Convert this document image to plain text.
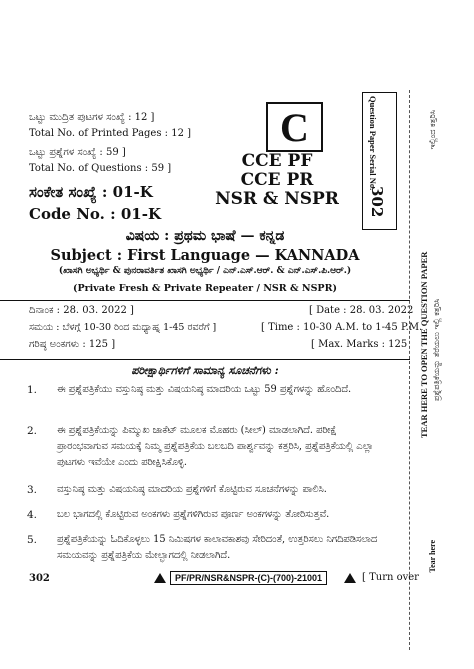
ಒಟ್ಟು ಮುದ್ರಿತ ಪುಟಗಳ ಸಂಖ್ಯೆ : 12 ]
Total No. of Printed Pages : 12 ]
ಒಟ್ಟು ಪ್ರಶ್ನೆಗಳ ಸಂಖ್ಯೆ : 59 ]
Total No. of Questions : 59 ]
ಸಂಕೇತ ಸಂಖ್ಯೆ : 01-K
Code No. : 01-K
C
CCE PF
CCE PR
NSR & NSPR
Question Paper Serial No.
302
ವಿಷಯ : ಪ್ರಥಮ ಭಾಷೆ — ಕನ್ನಡ
Subject : First Language — KANNADA
(ಖಾಸಗಿ ಅಭ್ಯರ್ಥಿ & ಪುನರಾವರ್ತಿತ ಖಾಸಗಿ ಅಭ್ಯರ್ಥಿ / ಎನ್.ಎಸ್.ಆರ್. & ಎನ್.ಎಸ್.ಪಿ.ಆರ್.)
(Private Fresh & Private Repeater / NSR & NSPR)
ದಿನಾಂಕ : 28. 03. 2022 ]	[ Date : 28. 03. 2022
ಸಮಯ : ಬೆಳಗ್ಗೆ 10-30 ರಿಂದ ಮಧ್ಯಾಹ್ನ 1-45 ರವರೆಗೆ ]	[ Time : 10-30 A.M. to 1-45 P.M.
ಗರಿಷ್ಠ ಅಂಕಗಳು : 125 ]	[ Max. Marks : 125
ಪರೀಕ್ಷಾರ್ಥಿಗಳಿಗೆ ಸಾಮಾನ್ಯ ಸೂಚನೆಗಳು :
1. ಈ ಪ್ರಶ್ನೆಪತ್ರಿಕೆಯು ವಸ್ತುನಿಷ್ಠ ಮತ್ತು ವಿಷಯನಿಷ್ಠ ಮಾದರಿಯ ಒಟ್ಟು 59 ಪ್ರಶ್ನೆಗಳನ್ನು ಹೊಂದಿದೆ.
2. ಈ ಪ್ರಶ್ನೆಪತ್ರಿಕೆಯನ್ನು ಪಿಮ್ಮುಖ ಜಾಕೆಟ್ ಮೂಲಕ ಮೊಹರು (ಸೀಲ್) ಮಾಡಲಾಗಿದೆ. ಪರೀಕ್ಷೆ ಪ್ರಾರಂಭವಾಗುವ ಸಮಯಕ್ಕೆ ನಿಮ್ಮ ಪ್ರಶ್ನೆಪತ್ರಿಕೆಯ ಬಲಬದಿ ಪಾರ್ಶ್ವವನ್ನು ಕತ್ತರಿಸಿ, ಪ್ರಶ್ನೆಪತ್ರಿಕೆಯಲ್ಲಿ ಎಲ್ಲಾ ಪುಟಗಳು ಇವೆಯೇ ಎಂದು ಪರೀಕ್ಷಿಸಿಕೊಳ್ಳಿ.
3. ವಸ್ತುನಿಷ್ಠ ಮತ್ತು ವಿಷಯನಿಷ್ಠ ಮಾದರಿಯ ಪ್ರಶ್ನೆಗಳಿಗೆ ಕೊಟ್ಟಿರುವ ಸೂಚನೆಗಳನ್ನು ಪಾಲಿಸಿ.
4. ಬಲ ಭಾಗದಲ್ಲಿ ಕೊಟ್ಟಿರುವ ಅಂಕಗಳು ಪ್ರಶ್ನೆಗಳಿಗಿರುವ ಪೂರ್ಣ ಅಂಕಗಳನ್ನು ತೋರಿಸುತ್ತವೆ.
5. ಪ್ರಶ್ನೆಪತ್ರಿಕೆಯನ್ನು ಓದಿಕೊಳ್ಳಲು 15 ನಿಮಿಷಗಳ ಕಾಲಾವಕಾಶವು ಸೇರಿದಂತೆ, ಉತ್ತರಿಸಲು ನಿಗದಿಪಡಿಸಲಾದ ಸಮಯವನ್ನು ಪ್ರಶ್ನೆಪತ್ರಿಕೆಯ ಮೇಲ್ಭಾಗದಲ್ಲಿ ನೀಡಲಾಗಿದೆ.
ಇಲ್ಲಿಂದ ಕತ್ತರಿಸಿ
TEAR HERE TO OPEN THE QUESTION PAPER ಪ್ರಶ್ನೆಪತ್ರಿಕೆಯನ್ನು ತೆರೆಯಲು ಇಲ್ಲಿ ಕತ್ತರಿಸಿ
Tear here
302	PF/PR/NSR&NSPR-(C)-(700)-21001	[ Turn over
